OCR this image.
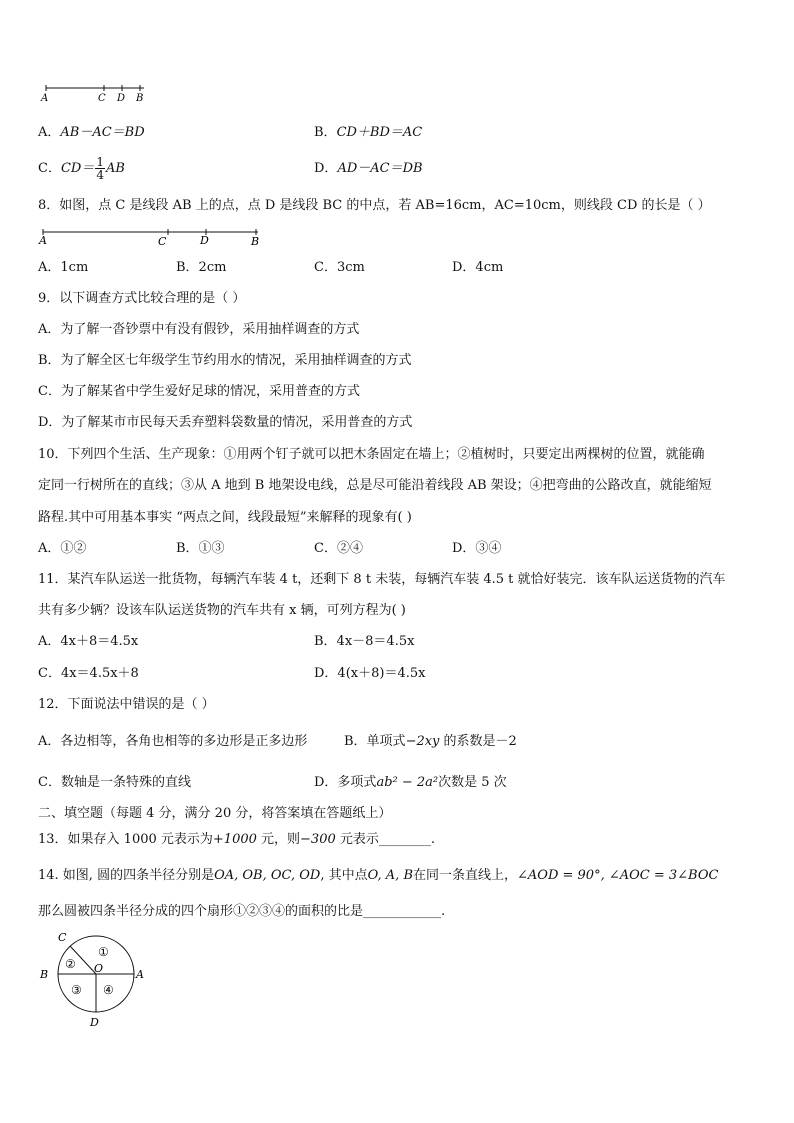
A	C D B
A．AB－AC＝BD	B．CD＋BD＝AC
C．$CD= \frac{1}{4}$ AB	D．AD－AC＝DB
8．如图，点 C 是线段 AB 上的点，点 D 是线段 BC 的中点，若 AB=16cm，AC=10cm，则线段 CD 的长是（ ）
A	C	D	B
A．1cm	B．2cm	C．3cm	D．4cm
9．以下调查方式比较合理的是（ ）
A．为了解一沓钞票中有没有假钞，采用抽样调查的方式
B．为了解全区七年级学生节约用水的情况，采用抽样调查的方式
C．为了解某省中学生爱好足球的情况，采用普查的方式
D．为了解某市市民每天丢弃塑料袋数量的情况，采用普查的方式
10．下列四个生活、生产现象：①用两个钉子就可以把木条固定在墙上；②植树时，只要定出两棵树的位置，就能确
定同一行树所在的直线；③从 A 地到 B 地架设电线，总是尽可能沿着线段 AB 架设；④把弯曲的公路改直，就能缩短
路程.其中可用基本事实 “两点之间，线段最短”来解释的现象有( )
A．①②	B．①③	C．②④	D．③④
11．某汽车队运送一批货物，每辆汽车装 4 t，还剩下 8 t 未装，每辆汽车装 4.5 t 就恰好装完．该车队运送货物的汽车
共有多少辆？设该车队运送货物的汽车共有 x 辆，可列方程为( )
A．4x＋8＝4.5x	B．4x－8＝4.5x
C．4x＝4.5x＋8	D．4(x＋8)＝4.5x
12．下面说法中错误的是（ ）
A．各边相等，各角也相等的多边形是正多边形	B．单项式−2xy 的系数是－2
C．数轴是一条特殊的直线	D．多项式ab² − 2a²次数是 5 次
二、填空题（每题 4 分，满分 20 分，将答案填在答题纸上）
13．如果存入 1000 元表示为+1000 元，则−300 元表示________.
14. 如图, 圆的四条半径分别是OA, OB, OC, OD, 其中点O, A, B在同一条直线上，∠AOD = 90°, ∠AOC = 3∠BOC
那么圆被四条半径分成的四个扇形①②③④的面积的比是____________.
C
B	A
D
O
①
②
③ ④
